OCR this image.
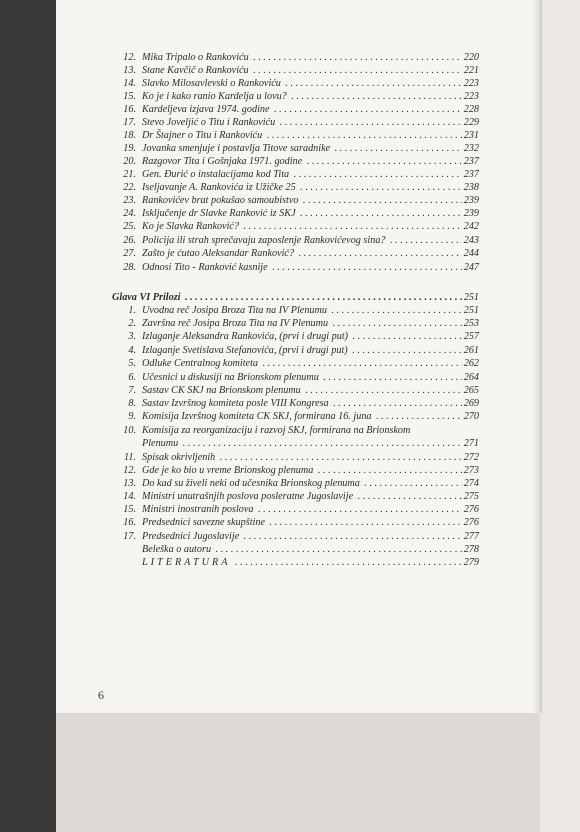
12. Mika Tripalo o Rankoviću . . .	220
13. Stane Kavčič o Rankoviću . . .	221
14. Slavko Milosavlevski o Rankoviću . . .	223
15. Ko je i kako ranio Kardelja u lovu? . . .	223
16. Kardeljeva izjava 1974. godine . . .	228
17. Stevo Joveljić o Titu i Rankoviću . . .	229
18. Dr Štajner o Titu i Rankoviću . . .	231
19. Jovanka smenjuje i postavlja Titove saradnike . . .	232
20. Razgovor Tita i Gošnjaka 1971. godine . . .	237
21. Gen. Đurić o instalacijama kod Tita . . .	237
22. Iseljavanje A. Rankovića iz Užičke 25 . . .	238
23. Rankovićev brat pokušao samoubistvo . . .	239
24. Isključenje dr Slavke Ranković iz SKJ . . .	239
25. Ko je Slavka Ranković? . . .	242
26. Policija ili strah sprečavaju zaposlenje Rankovićevog sina? . . .	243
27. Zašto je ćutao Aleksandar Ranković? . . .	244
28. Odnosi Tito - Ranković kasnije . . .	247
Glava VI Prilozi . . .	251
1. Uvodna reč Josipa Broza Tita na IV Plenumu . . .	251
2. Završna reč Josipa Broza Tita na IV Plenumu . . .	253
3. Izlaganje Aleksandra Rankovića, (prvi i drugi put) . . .	257
4. Izlaganje Svetislava Stefanovića, (prvi i drugi put) . . .	261
5. Odluke Centralnog komiteta . . .	262
6. Učesnici u diskusiji na Brionskom plenumu . . .	264
7. Sastav CK SKJ na Brionskom plenumu . . .	265
8. Sastav Izvršnog komiteta posle VIII Kongresa . . .	269
9. Komisija Izvršnog komiteta CK SKJ, formirana 16. juna . . .	270
10. Komisija za reorganizaciju i razvoj SKJ, formirana na Brionskom
Plenumu . . .	271
11. Spisak okrivljenih . . .	272
12. Gde je ko bio u vreme Brionskog plenuma . . .	273
13. Do kad su živeli neki od učesnika Brionskog plenuma . . .	274
14. Ministri unutrašnjih poslova posleratne Jugoslavije . . .	275
15. Ministri inostranih poslova . . .	276
16. Predsednici savezne skupštine . . .	276
17. Predsednici Jugoslavije . . .	277
Beleška o autoru . . .	278
LITERATURA . . .	279
6
